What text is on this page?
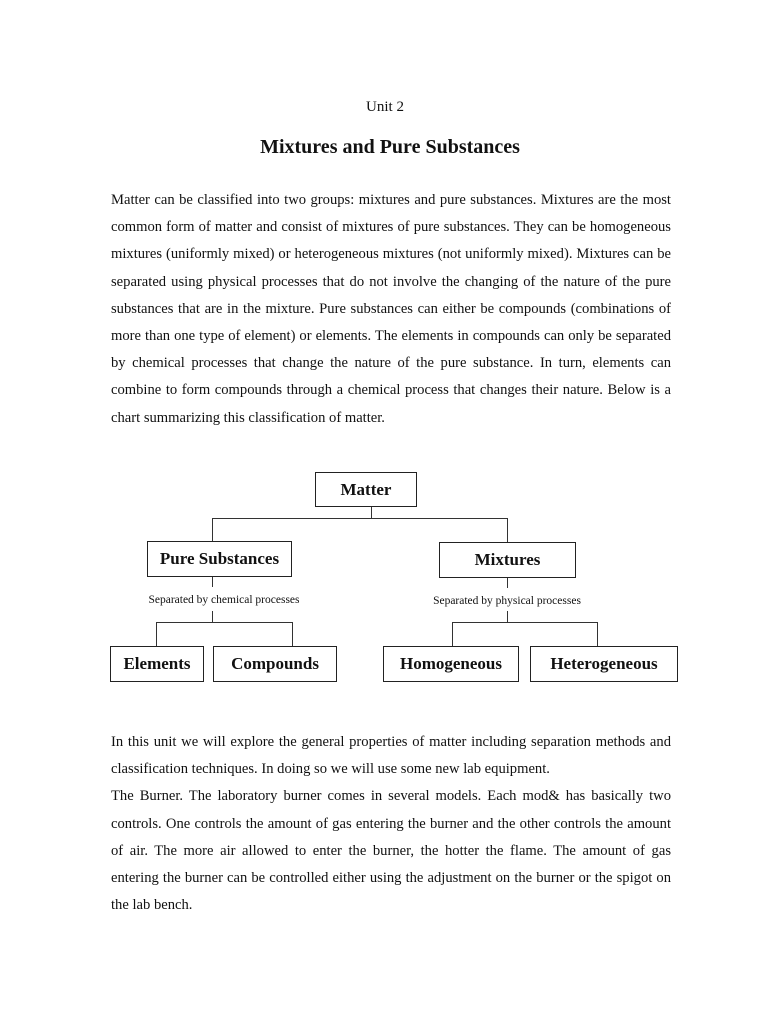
Unit 2
Mixtures and Pure Substances

Matter can be classified into two groups: mixtures and pure substances. Mixtures are the most common form of matter and consist of mixtures of pure substances. They can be homogeneous mixtures (uniformly mixed) or heterogeneous mixtures (not uniformly mixed). Mixtures can be separated using physical processes that do not involve the changing of the nature of the pure substances that are in the mixture. Pure substances can either be compounds (combinations of more than one type of element) or elements. The elements in compounds can only be separated by chemical processes that change the nature of the pure substance. In turn, elements can combine to form compounds through a chemical process that changes their nature. Below is a chart summarizing this classification of matter.

Matter
Pure Substances	Mixtures
Separated by chemical processes	Separated by physical processes
Elements	Compounds	Homogeneous	Heterogeneous
In this unit we will explore the general properties of matter including separation methods and classification techniques. In doing so we will use some new lab equipment.
The Burner. The laboratory burner comes in several models. Each mod& has basically two controls. One controls the amount of gas entering the burner and the other controls the amount of air. The more air allowed to enter the burner, the hotter the flame. The amount of gas entering the burner can be controlled either using the adjustment on the burner or the spigot on the lab bench.
